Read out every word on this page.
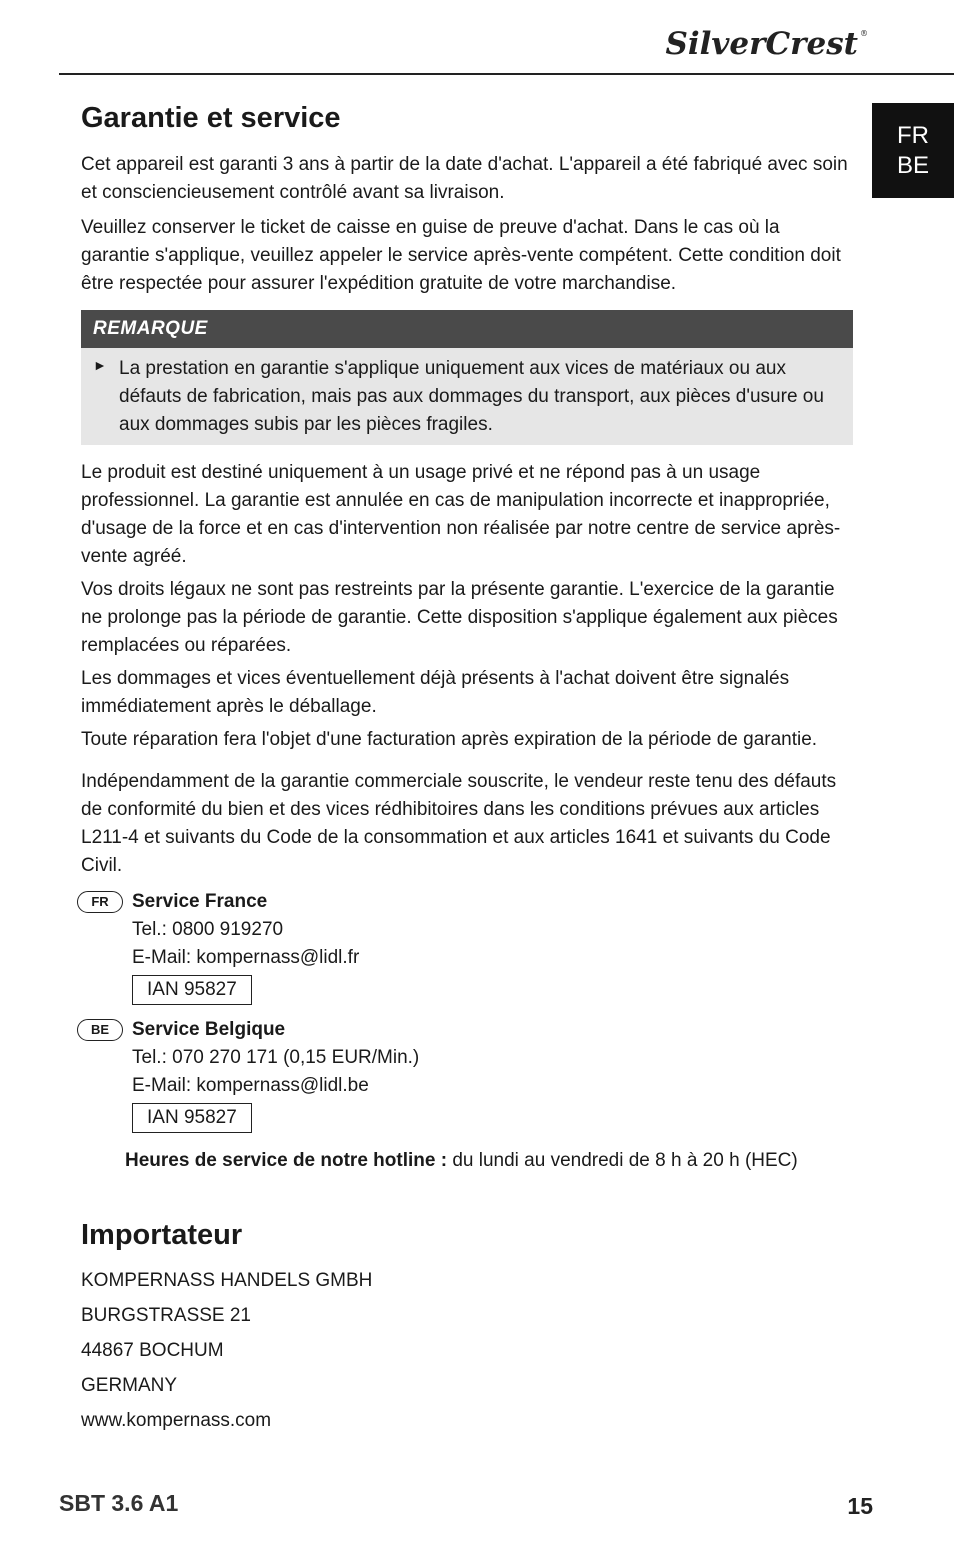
SilverCrest ®
FR
BE
Garantie et service

Cet appareil est garanti 3 ans à partir de la date d'achat. L'appareil a été fabriqué avec soin et consciencieusement contrôlé avant sa livraison.

Veuillez conserver le ticket de caisse en guise de preuve d'achat. Dans le cas où la garantie s'applique, veuillez appeler le service après-vente compétent. Cette condition doit être respectée pour assurer l'expédition gratuite de votre marchandise.

REMARQUE
► La prestation en garantie s'applique uniquement aux vices de matériaux ou aux défauts de fabrication, mais pas aux dommages du transport, aux pièces d'usure ou aux dommages subis par les pièces fragiles.

Le produit est destiné uniquement à un usage privé et ne répond pas à un usage professionnel. La garantie est annulée en cas de manipulation incorrecte et inappropriée, d'usage de la force et en cas d'intervention non réalisée par notre centre de service après-vente agréé.

Vos droits légaux ne sont pas restreints par la présente garantie. L'exercice de la garantie ne prolonge pas la période de garantie. Cette disposition s'applique également aux pièces remplacées ou réparées.

Les dommages et vices éventuellement déjà présents à l'achat doivent être signalés immédiatement après le déballage.

Toute réparation fera l'objet d'une facturation après expiration de la période de garantie.

Indépendamment de la garantie commerciale souscrite, le vendeur reste tenu des défauts de conformité du bien et des vices rédhibitoires dans les conditions prévues aux articles L211-4 et suivants du Code de la consommation et aux articles 1641 et suivants du Code Civil.

FR	Service France

Tel.: 0800 919270

E-Mail: kompernass@lidl.fr

IAN 95827
BE	Service Belgique

Tel.: 070 270 171 (0,15 EUR/Min.)

E-Mail: kompernass@lidl.be

IAN 95827

Heures de service de notre hotline : du lundi au vendredi de 8 h à 20 h (HEC)

Importateur

KOMPERNASS HANDELS GMBH

BURGSTRASSE 21

44867 BOCHUM

GERMANY

www.kompernass.com

SBT 3.6 A1	15
